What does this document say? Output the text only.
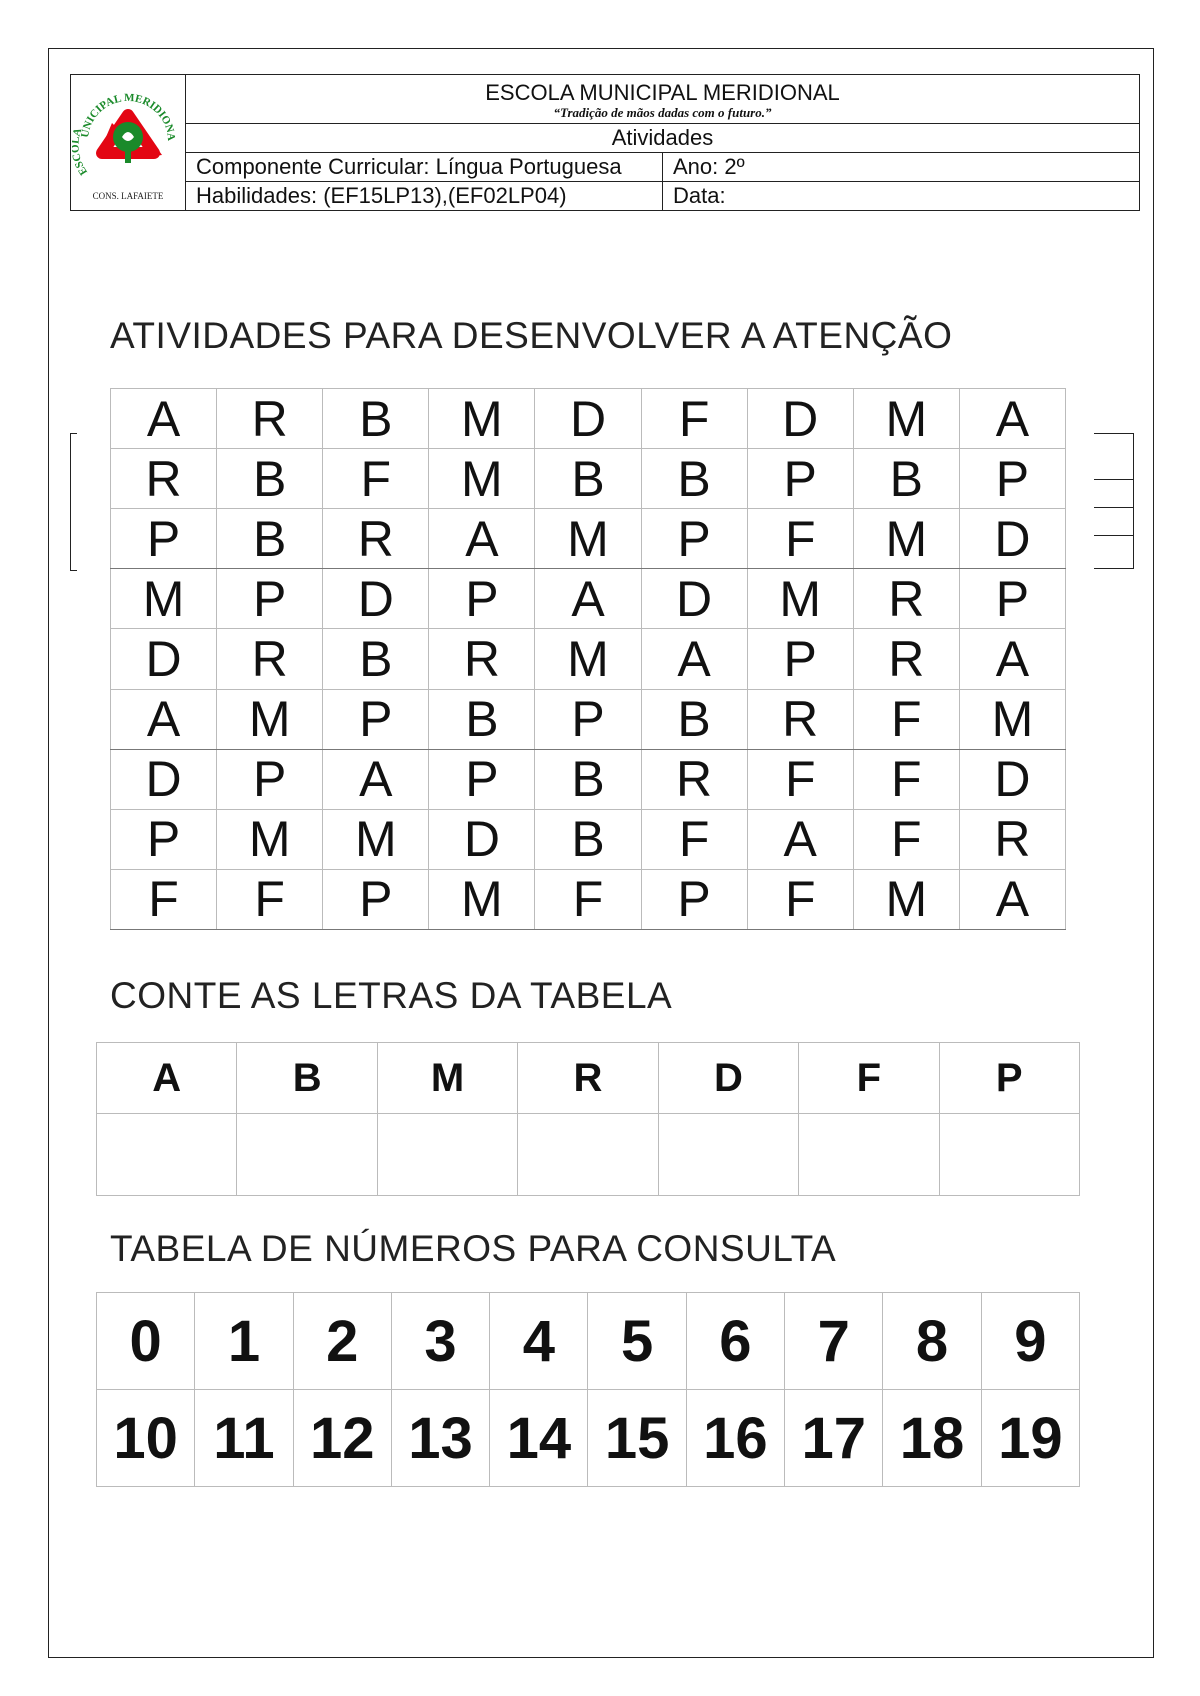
UNICIPAL MERIDIONA
ES
CONS. LAFAIETE	ESCOLA MUNICIPAL MERIDIONAL
“Tradição de mãos dadas com o futuro.”	

	Atividades	
	Componente Curricular: Língua Portuguesa	Ano: 2º
	Habilidades: (EF15LP13),(EF02LP04)	Data:
ATIVIDADES PARA DESENVOLVER A ATENÇÃO
A	R	B	M	D	F	D	M	A
R	B	F	M	B	B	P	B	P
P	B	R	A	M	P	F	M	D
M	P	D	P	A	D	M	R	P
D	R	B	R	M	A	P	R	A
A	M	P	B	P	B	R	F	M
D	P	A	P	B	R	F	F	D
P	M	M	D	B	F	A	F	R
F	F	P	M	F	P	F	M	A
CONTE AS LETRAS DA TABELA
A	B	M	R	D	F	P

TABELA DE NÚMEROS PARA CONSULTA
0	1	2	3	4	5	6	7	8	9
10	11	12	13	14	15	16	17	18	19
